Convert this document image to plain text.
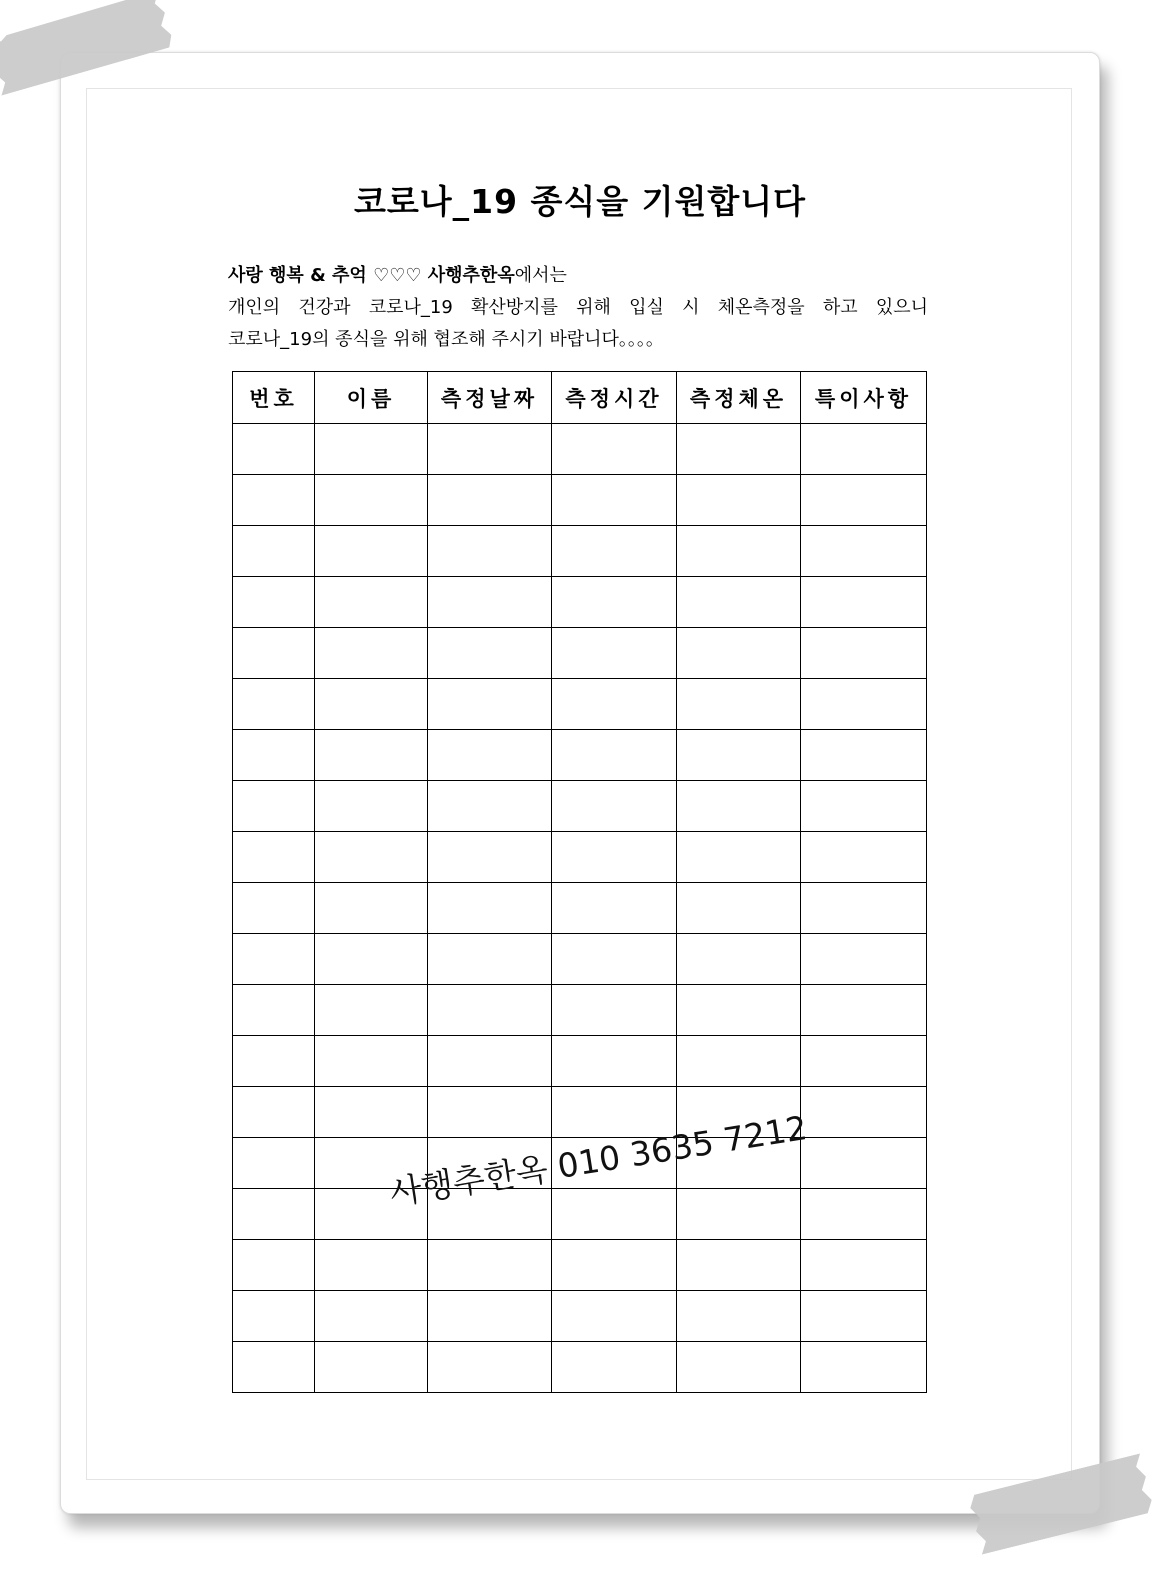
코로나_19 종식을 기원합니다
사랑 행복 & 추억 ♡♡♡ 사행추한옥에서는
개인의 건강과 코로나_19 확산방지를 위해 입실 시 체온측정을 하고 있으니
코로나_19의 종식을 위해 협조해 주시기 바랍니다。。。。
번호	이름	측정날짜	측정시간	측정체온	특이사항

사행추한옥 010 3635 7212
